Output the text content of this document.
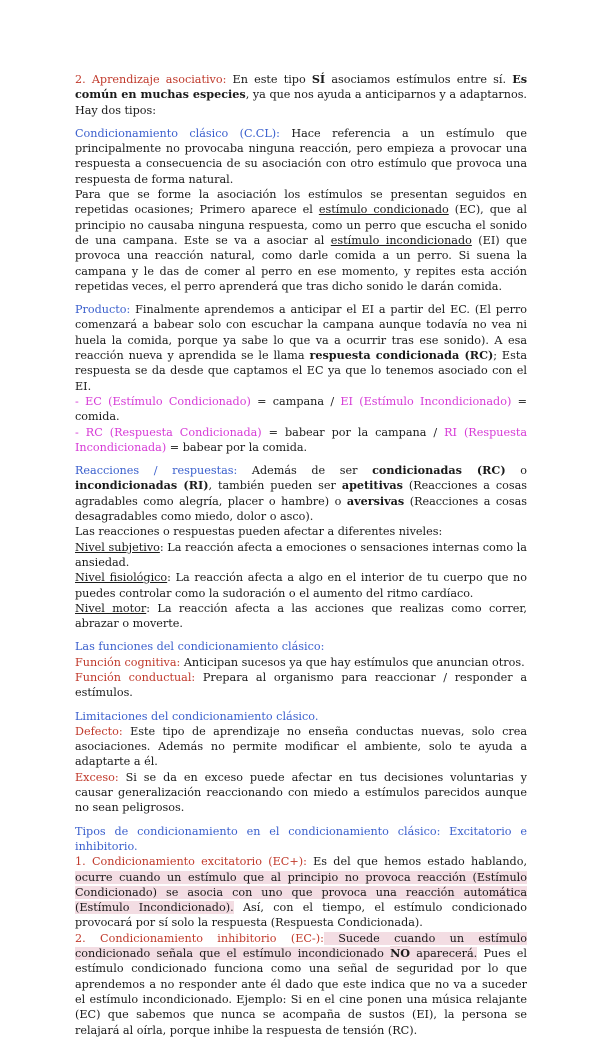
2. Aprendizaje asociativo: En este tipo SÍ asociamos estímulos entre sí. Es común en muchas especies, ya que nos ayuda a anticiparnos y a adaptarnos. Hay dos tipos:

Condicionamiento clásico (C.CL): Hace referencia a un estímulo que principalmente no provocaba ninguna reacción, pero empieza a provocar una respuesta a consecuencia de su asociación con otro estímulo que provoca una respuesta de forma natural.

Para que se forme la asociación los estímulos se presentan seguidos en repetidas ocasiones; Primero aparece el estímulo condicionado (EC), que al principio no causaba ninguna respuesta, como un perro que escucha el sonido de una campana. Este se va a asociar al estímulo incondicionado (EI) que provoca una reacción natural, como darle comida a un perro. Si suena la campana y le das de comer al perro en ese momento, y repites esta acción repetidas veces, el perro aprenderá que tras dicho sonido le darán comida.

Producto: Finalmente aprendemos a anticipar el EI a partir del EC. (El perro comenzará a babear solo con escuchar la campana aunque todavía no vea ni huela la comida, porque ya sabe lo que va a ocurrir tras ese sonido). A esa reacción nueva y aprendida se le llama respuesta condicionada (RC); Esta respuesta se da desde que captamos el EC ya que lo tenemos asociado con el EI.

- EC (Estímulo Condicionado) = campana / EI (Estímulo Incondicionado) = comida.

- RC (Respuesta Condicionada) = babear por la campana / RI (Respuesta Incondicionada) = babear por la comida.

Reacciones / respuestas: Además de ser condicionadas (RC) o incondicionadas (RI), también pueden ser apetitivas (Reacciones a cosas agradables como alegría, placer o hambre) o aversivas (Reacciones a cosas desagradables como miedo, dolor o asco).

Las reacciones o respuestas pueden afectar a diferentes niveles:

Nivel subjetivo: La reacción afecta a emociones o sensaciones internas como la ansiedad.

Nivel fisiológico: La reacción afecta a algo en el interior de tu cuerpo que no puedes controlar como la sudoración o el aumento del ritmo cardíaco.

Nivel motor: La reacción afecta a las acciones que realizas como correr, abrazar o moverte.

Las funciones del condicionamiento clásico:

Función cognitiva: Anticipan sucesos ya que hay estímulos que anuncian otros.

Función conductual: Prepara al organismo para reaccionar / responder a estímulos.

Limitaciones del condicionamiento clásico.

Defecto: Este tipo de aprendizaje no enseña conductas nuevas, solo crea asociaciones. Además no permite modificar el ambiente, solo te ayuda a adaptarte a él.

Exceso: Si se da en exceso puede afectar en tus decisiones voluntarias y causar generalización reaccionando con miedo a estímulos parecidos aunque no sean peligrosos.

Tipos de condicionamiento en el condicionamiento clásico: Excitatorio e inhibitorio.

1. Condicionamiento excitatorio (EC+): Es del que hemos estado hablando, ocurre cuando un estímulo que al principio no provoca reacción (Estímulo Condicionado) se asocia con uno que provoca una reacción automática (Estímulo Incondicionado). Así, con el tiempo, el estímulo condicionado provocará por sí solo la respuesta (Respuesta Condicionada).

2. Condicionamiento inhibitorio (EC-): Sucede cuando un estímulo condicionado señala que el estímulo incondicionado NO aparecerá. Pues el estímulo condicionado funciona como una señal de seguridad por lo que aprendemos a no responder ante él dado que este indica que no va a suceder el estímulo incondicionado. Ejemplo: Si en el cine ponen una música relajante (EC) que sabemos que nunca se acompaña de sustos (EI), la persona se relajará al oírla, porque inhibe la respuesta de tensión (RC).
